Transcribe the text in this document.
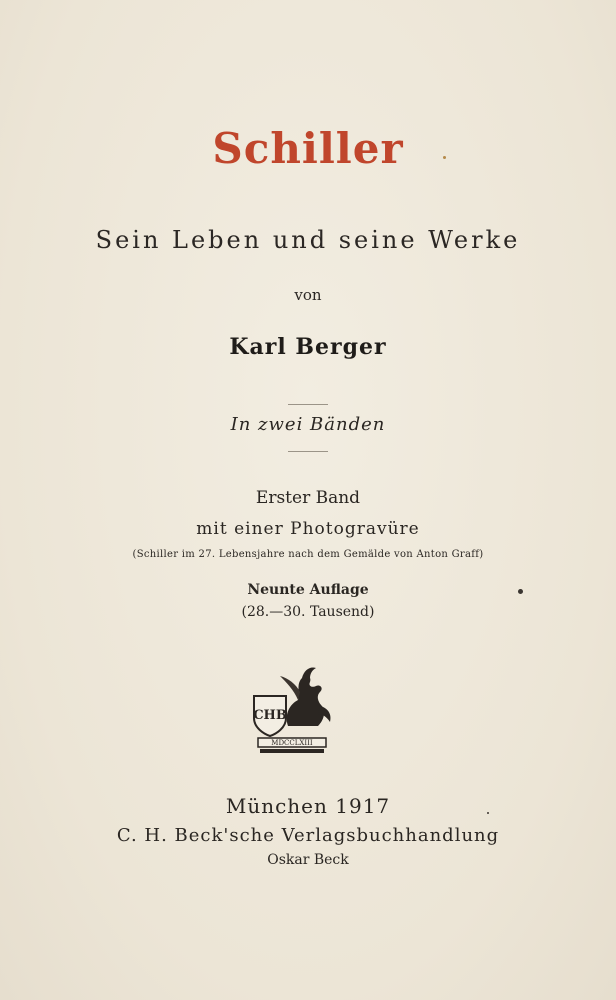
Schiller
Sein Leben und seine Werke
von
Karl Berger
In zwei Bänden
Erster Band
mit einer Photogravüre
(Schiller im 27. Lebensjahre nach dem Gemälde von Anton Graff)
Neunte Auflage
(28.—30. Tausend)
CHB
MDCCLXIII
München 1917
C. H. Beck'sche Verlagsbuchhandlung
Oskar Beck
